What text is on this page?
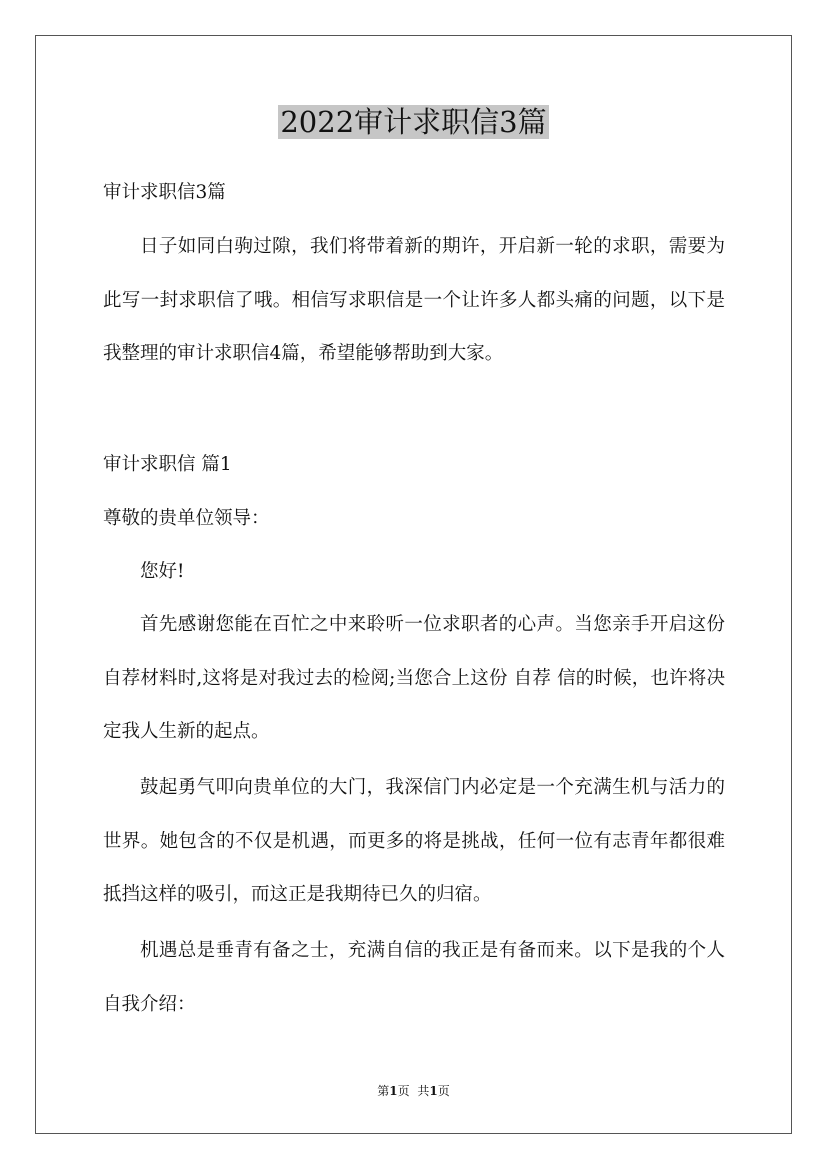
2022审计求职信3篇

审计求职信3篇

日子如同白驹过隙，我们将带着新的期许，开启新一轮的求职，需要为此写一封求职信了哦。相信写求职信是一个让许多人都头痛的问题，以下是我整理的审计求职信4篇，希望能够帮助到大家。

审计求职信 篇1

尊敬的贵单位领导：

您好!

首先感谢您能在百忙之中来聆听一位求职者的心声。当您亲手开启这份自荐材料时,这将是对我过去的检阅;当您合上这份 自荐 信的时候，也许将决定我人生新的起点。

鼓起勇气叩向贵单位的大门，我深信门内必定是一个充满生机与活力的世界。她包含的不仅是机遇，而更多的将是挑战，任何一位有志青年都很难抵挡这样的吸引，而这正是我期待已久的归宿。

机遇总是垂青有备之士，充满自信的我正是有备而来。以下是我的个人自我介绍：

第1页 共1页
